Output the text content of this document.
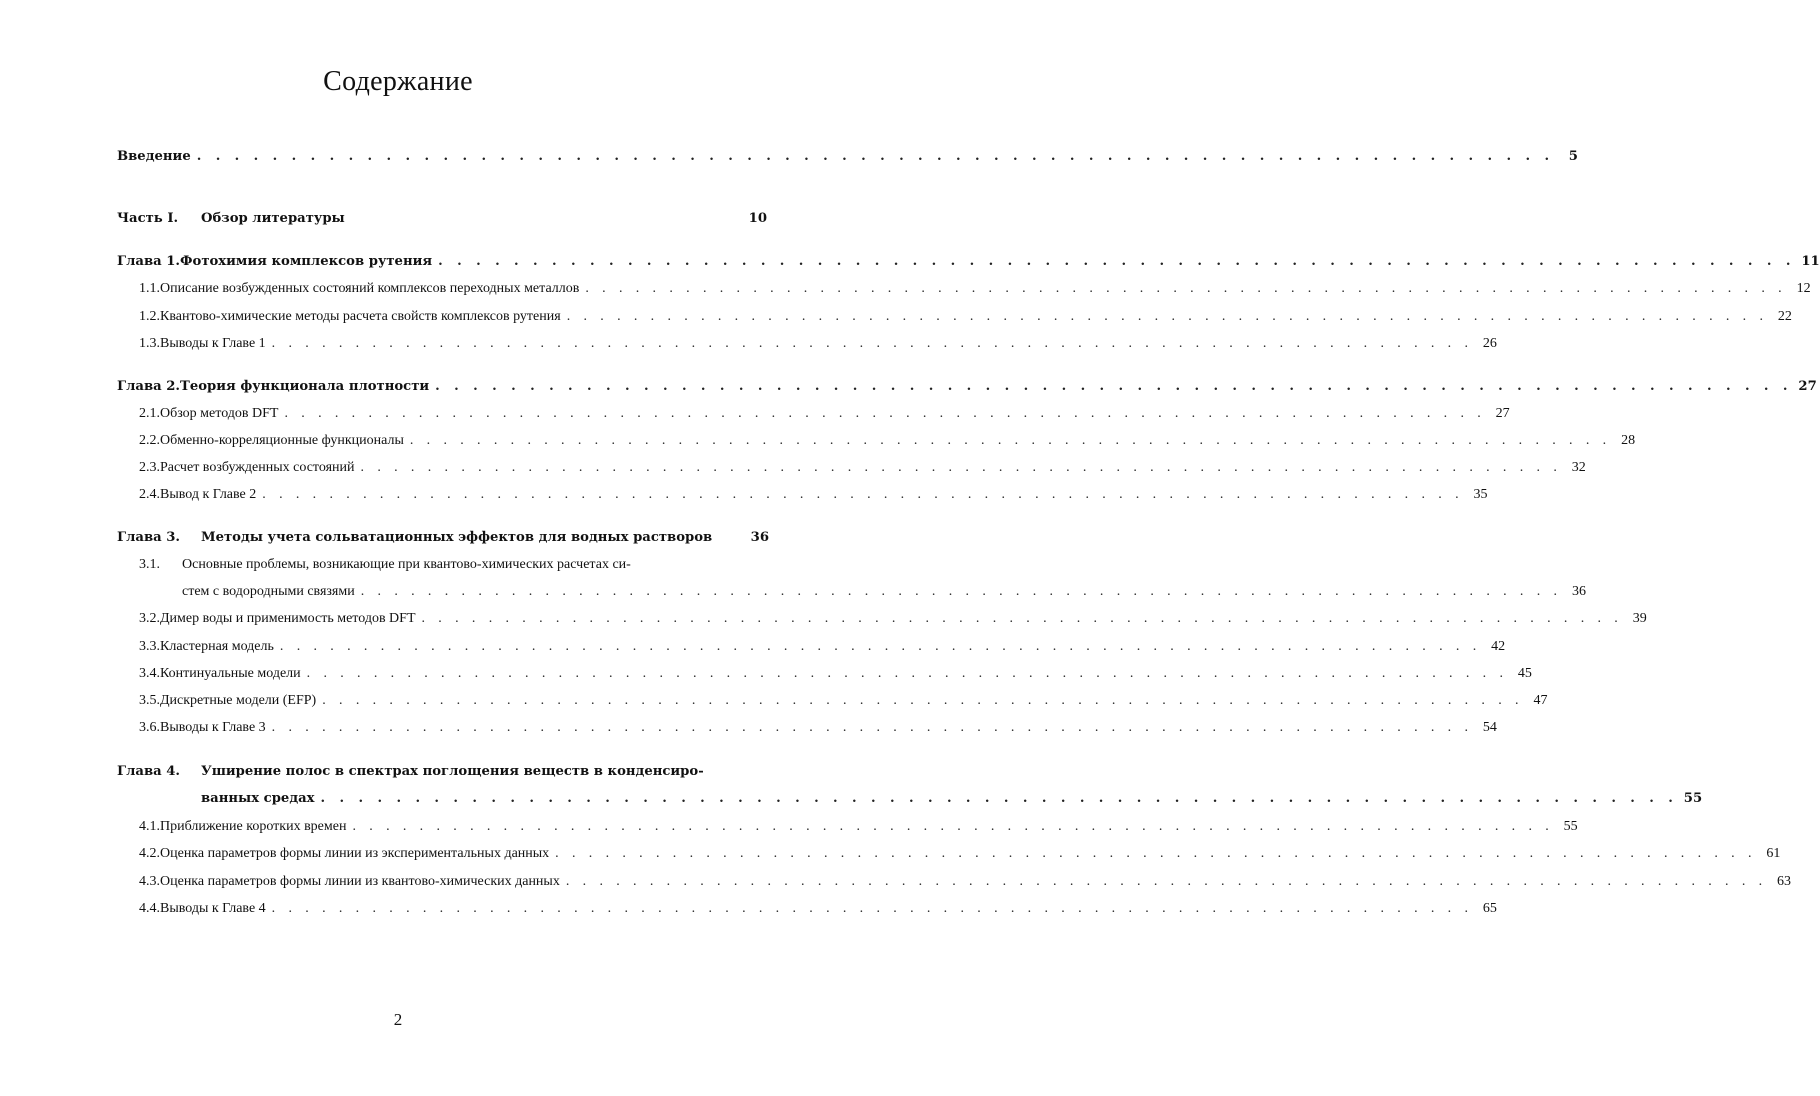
Содержание
Введение . . . . . . . . . . . . . . . . . . . . . . . . . . . . . . . . . . . . . . . . . . . . . . . . . . . . . . . . . . . . . . . . . . . . . . . .	5
Часть I.	Обзор литературы	10
Глава 1. Фотохимия комплексов рутения . . . . . . . . . . . . . . . . . . . . . . . . . . . . . . . . . . . . . . . . . . . . . . . . . . . . . . . . . . . . . . . . . . . . . . . . 11
1.1. Описание возбужденных состояний комплексов переходных металлов . . . . . . . . . . . . . . . . . . . . . . . . . . . . . . . . . . . . . . . . . . . . . . . . . . . . . . . . . . . . . . . . . . . . . . . . 12
1.2. Квантово-химические методы расчета свойств комплексов рутения . . . . . . . . . . . . . . . . . . . . . . . . . . . . . . . . . . . . . . . . . . . . . . . . . . . . . . . . . . . . . . . . . . . . . . . . 22
1.3. Выводы к Главе 1 . . . . . . . . . . . . . . . . . . . . . . . . . . . . . . . . . . . . . . . . . . . . . . . . . . . . . . . . . . . . . . . . . . . . . . . . 26
Глава 2. Теория функционала плотности . . . . . . . . . . . . . . . . . . . . . . . . . . . . . . . . . . . . . . . . . . . . . . . . . . . . . . . . . . . . . . . . . . . . . . . . 27
2.1. Обзор методов DFT . . . . . . . . . . . . . . . . . . . . . . . . . . . . . . . . . . . . . . . . . . . . . . . . . . . . . . . . . . . . . . . . . . . . . . . . 27
2.2. Обменно-корреляционные функционалы . . . . . . . . . . . . . . . . . . . . . . . . . . . . . . . . . . . . . . . . . . . . . . . . . . . . . . . . . . . . . . . . . . . . . . . . 28
2.3. Расчет возбужденных состояний . . . . . . . . . . . . . . . . . . . . . . . . . . . . . . . . . . . . . . . . . . . . . . . . . . . . . . . . . . . . . . . . . . . . . . . . 32
2.4. Вывод к Главе 2 . . . . . . . . . . . . . . . . . . . . . . . . . . . . . . . . . . . . . . . . . . . . . . . . . . . . . . . . . . . . . . . . . . . . . . . . 35
Глава 3.	Методы учета сольватационных эффектов для водных растворов	36
3.1.	Основные проблемы, возникающие при квантово-химических расчетах си-
стем с водородными связями . . . . . . . . . . . . . . . . . . . . . . . . . . . . . . . . . . . . . . . . . . . . . . . . . . . . . . . . . . . . . . . . . . . . . . . . 36
3.2. Димер воды и применимость методов DFT . . . . . . . . . . . . . . . . . . . . . . . . . . . . . . . . . . . . . . . . . . . . . . . . . . . . . . . . . . . . . . . . . . . . . . . . 39
3.3. Кластерная модель . . . . . . . . . . . . . . . . . . . . . . . . . . . . . . . . . . . . . . . . . . . . . . . . . . . . . . . . . . . . . . . . . . . . . . . . 42
3.4. Континуальные модели . . . . . . . . . . . . . . . . . . . . . . . . . . . . . . . . . . . . . . . . . . . . . . . . . . . . . . . . . . . . . . . . . . . . . . . . 45
3.5. Дискретные модели (EFP) . . . . . . . . . . . . . . . . . . . . . . . . . . . . . . . . . . . . . . . . . . . . . . . . . . . . . . . . . . . . . . . . . . . . . . . . 47
3.6. Выводы к Главе 3 . . . . . . . . . . . . . . . . . . . . . . . . . . . . . . . . . . . . . . . . . . . . . . . . . . . . . . . . . . . . . . . . . . . . . . . . 54
Глава 4.	Уширение полос в спектрах поглощения веществ в конденсиро-
ванных средах . . . . . . . . . . . . . . . . . . . . . . . . . . . . . . . . . . . . . . . . . . . . . . . . . . . . . . . . . . . . . . . . . . . . . . . . 55
4.1. Приближение коротких времен . . . . . . . . . . . . . . . . . . . . . . . . . . . . . . . . . . . . . . . . . . . . . . . . . . . . . . . . . . . . . . . . . . . . . . . . 55
4.2. Оценка параметров формы линии из экспериментальных данных . . . . . . . . . . . . . . . . . . . . . . . . . . . . . . . . . . . . . . . . . . . . . . . . . . . . . . . . . . . . . . . . . . . . . . . . 61
4.3. Оценка параметров формы линии из квантово-химических данных . . . . . . . . . . . . . . . . . . . . . . . . . . . . . . . . . . . . . . . . . . . . . . . . . . . . . . . . . . . . . . . . . . . . . . . . 63
4.4. Выводы к Главе 4 . . . . . . . . . . . . . . . . . . . . . . . . . . . . . . . . . . . . . . . . . . . . . . . . . . . . . . . . . . . . . . . . . . . . . . . . 65
2
